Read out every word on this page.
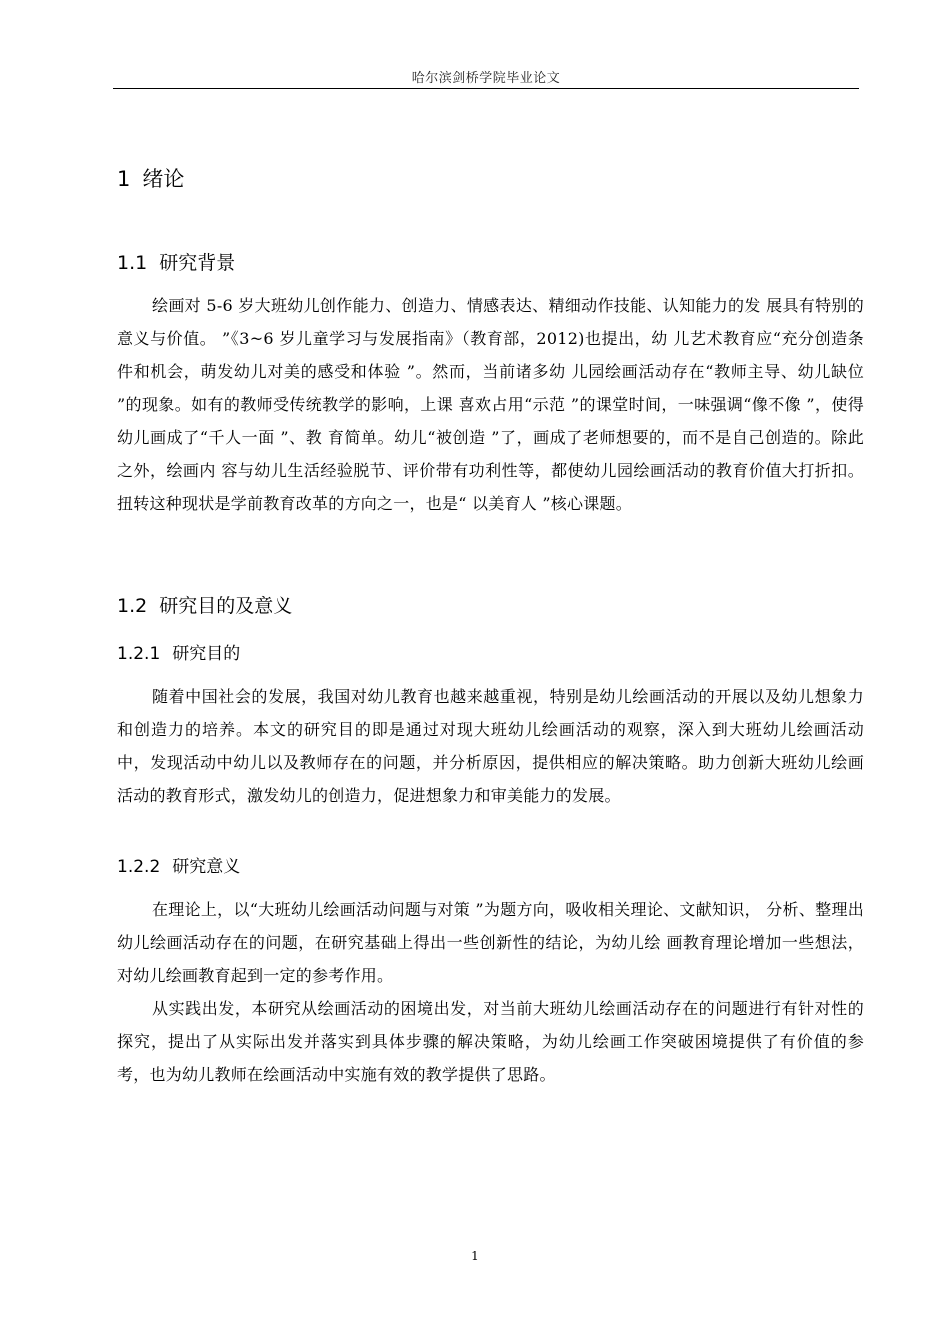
哈尔滨剑桥学院毕业论文
1 绪论
1.1 研究背景

绘画对 5-6 岁大班幼儿创作能力、创造力、情感表达、精细动作技能、认知能力的发 展具有特别的意义与价值。 ”《3~6 岁儿童学习与发展指南》（教育部，2012)也提出，幼 儿艺术教育应“充分创造条件和机会，萌发幼儿对美的感受和体验 ”。然而，当前诸多幼 儿园绘画活动存在“教师主导、幼儿缺位 ”的现象。如有的教师受传统教学的影响，上课 喜欢占用“示范 ”的课堂时间，一味强调“像不像 ”，使得幼儿画成了“千人一面 ”、教 育简单。幼儿“被创造 ”了，画成了老师想要的，而不是自己创造的。除此之外，绘画内 容与幼儿生活经验脱节、评价带有功利性等，都使幼儿园绘画活动的教育价值大打折扣。 扭转这种现状是学前教育改革的方向之一，也是“ 以美育人 ”核心课题。

1.2 研究目的及意义
1.2.1 研究目的

随着中国社会的发展，我国对幼儿教育也越来越重视，特别是幼儿绘画活动的开展以及幼儿想象力和创造力的培养。本文的研究目的即是通过对现大班幼儿绘画活动的观察，深入到大班幼儿绘画活动中，发现活动中幼儿以及教师存在的问题，并分析原因，提供相应的解决策略。助力创新大班幼儿绘画活动的教育形式，激发幼儿的创造力，促进想象力和审美能力的发展。

1.2.2 研究意义

在理论上，以“大班幼儿绘画活动问题与对策 ”为题方向，吸收相关理论、文献知识， 分析、整理出幼儿绘画活动存在的问题，在研究基础上得出一些创新性的结论，为幼儿绘 画教育理论增加一些想法，对幼儿绘画教育起到一定的参考作用。

从实践出发，本研究从绘画活动的困境出发，对当前大班幼儿绘画活动存在的问题进行有针对性的探究，提出了从实际出发并落实到具体步骤的解决策略，为幼儿绘画工作突破困境提供了有价值的参考，也为幼儿教师在绘画活动中实施有效的教学提供了思路。

1
